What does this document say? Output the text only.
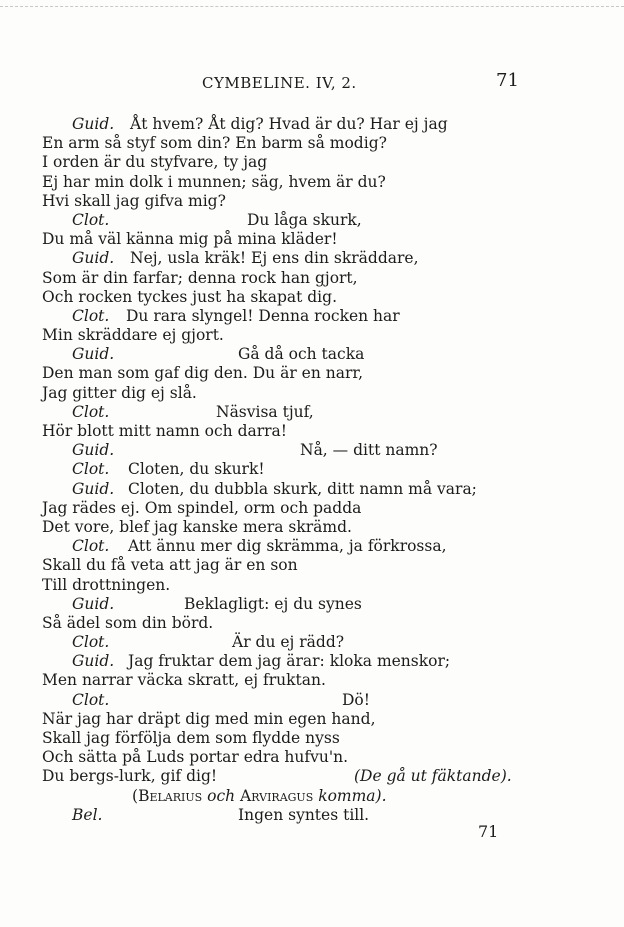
CYMBELINE. IV, 2.	71
Guid. Åt hvem? Åt dig? Hvad är du? Har ej jag
En arm så styf som din? En barm så modig?
I orden är du styfvare, ty jag
Ej har min dolk i munnen; säg, hvem är du?
Hvi skall jag gifva mig?
Clot.	Du låga skurk,
Du må väl känna mig på mina kläder!
Guid. Nej, usla kräk! Ej ens din skräddare,
Som är din farfar; denna rock han gjort,
Och rocken tyckes just ha skapat dig.
Clot. Du rara slyngel! Denna rocken har
Min skräddare ej gjort.
Guid.	Gå då och tacka
Den man som gaf dig den. Du är en narr,
Jag gitter dig ej slå.
Clot.	Näsvisa tjuf,
Hör blott mitt namn och darra!
Guid.	Nå, — ditt namn?
Clot. Cloten, du skurk!
Guid. Cloten, du dubbla skurk, ditt namn må vara;
Jag rädes ej. Om spindel, orm och padda
Det vore, blef jag kanske mera skrämd.
Clot. Att ännu mer dig skrämma, ja förkrossa,
Skall du få veta att jag är en son
Till drottningen.
Guid.	Beklagligt: ej du synes
Så ädel som din börd.
Clot.	Är du ej rädd?
Guid. Jag fruktar dem jag ärar: kloka menskor;
Men narrar väcka skratt, ej fruktan.
Clot.	Dö!
När jag har dräpt dig med min egen hand,
Skall jag förfölja dem som flydde nyss
Och sätta på Luds portar edra hufvu'n.
Du bergs-lurk, gif dig!	(De gå ut fäktande).
(Belarius och Arviragus komma).
Bel.	Ingen syntes till.
71
